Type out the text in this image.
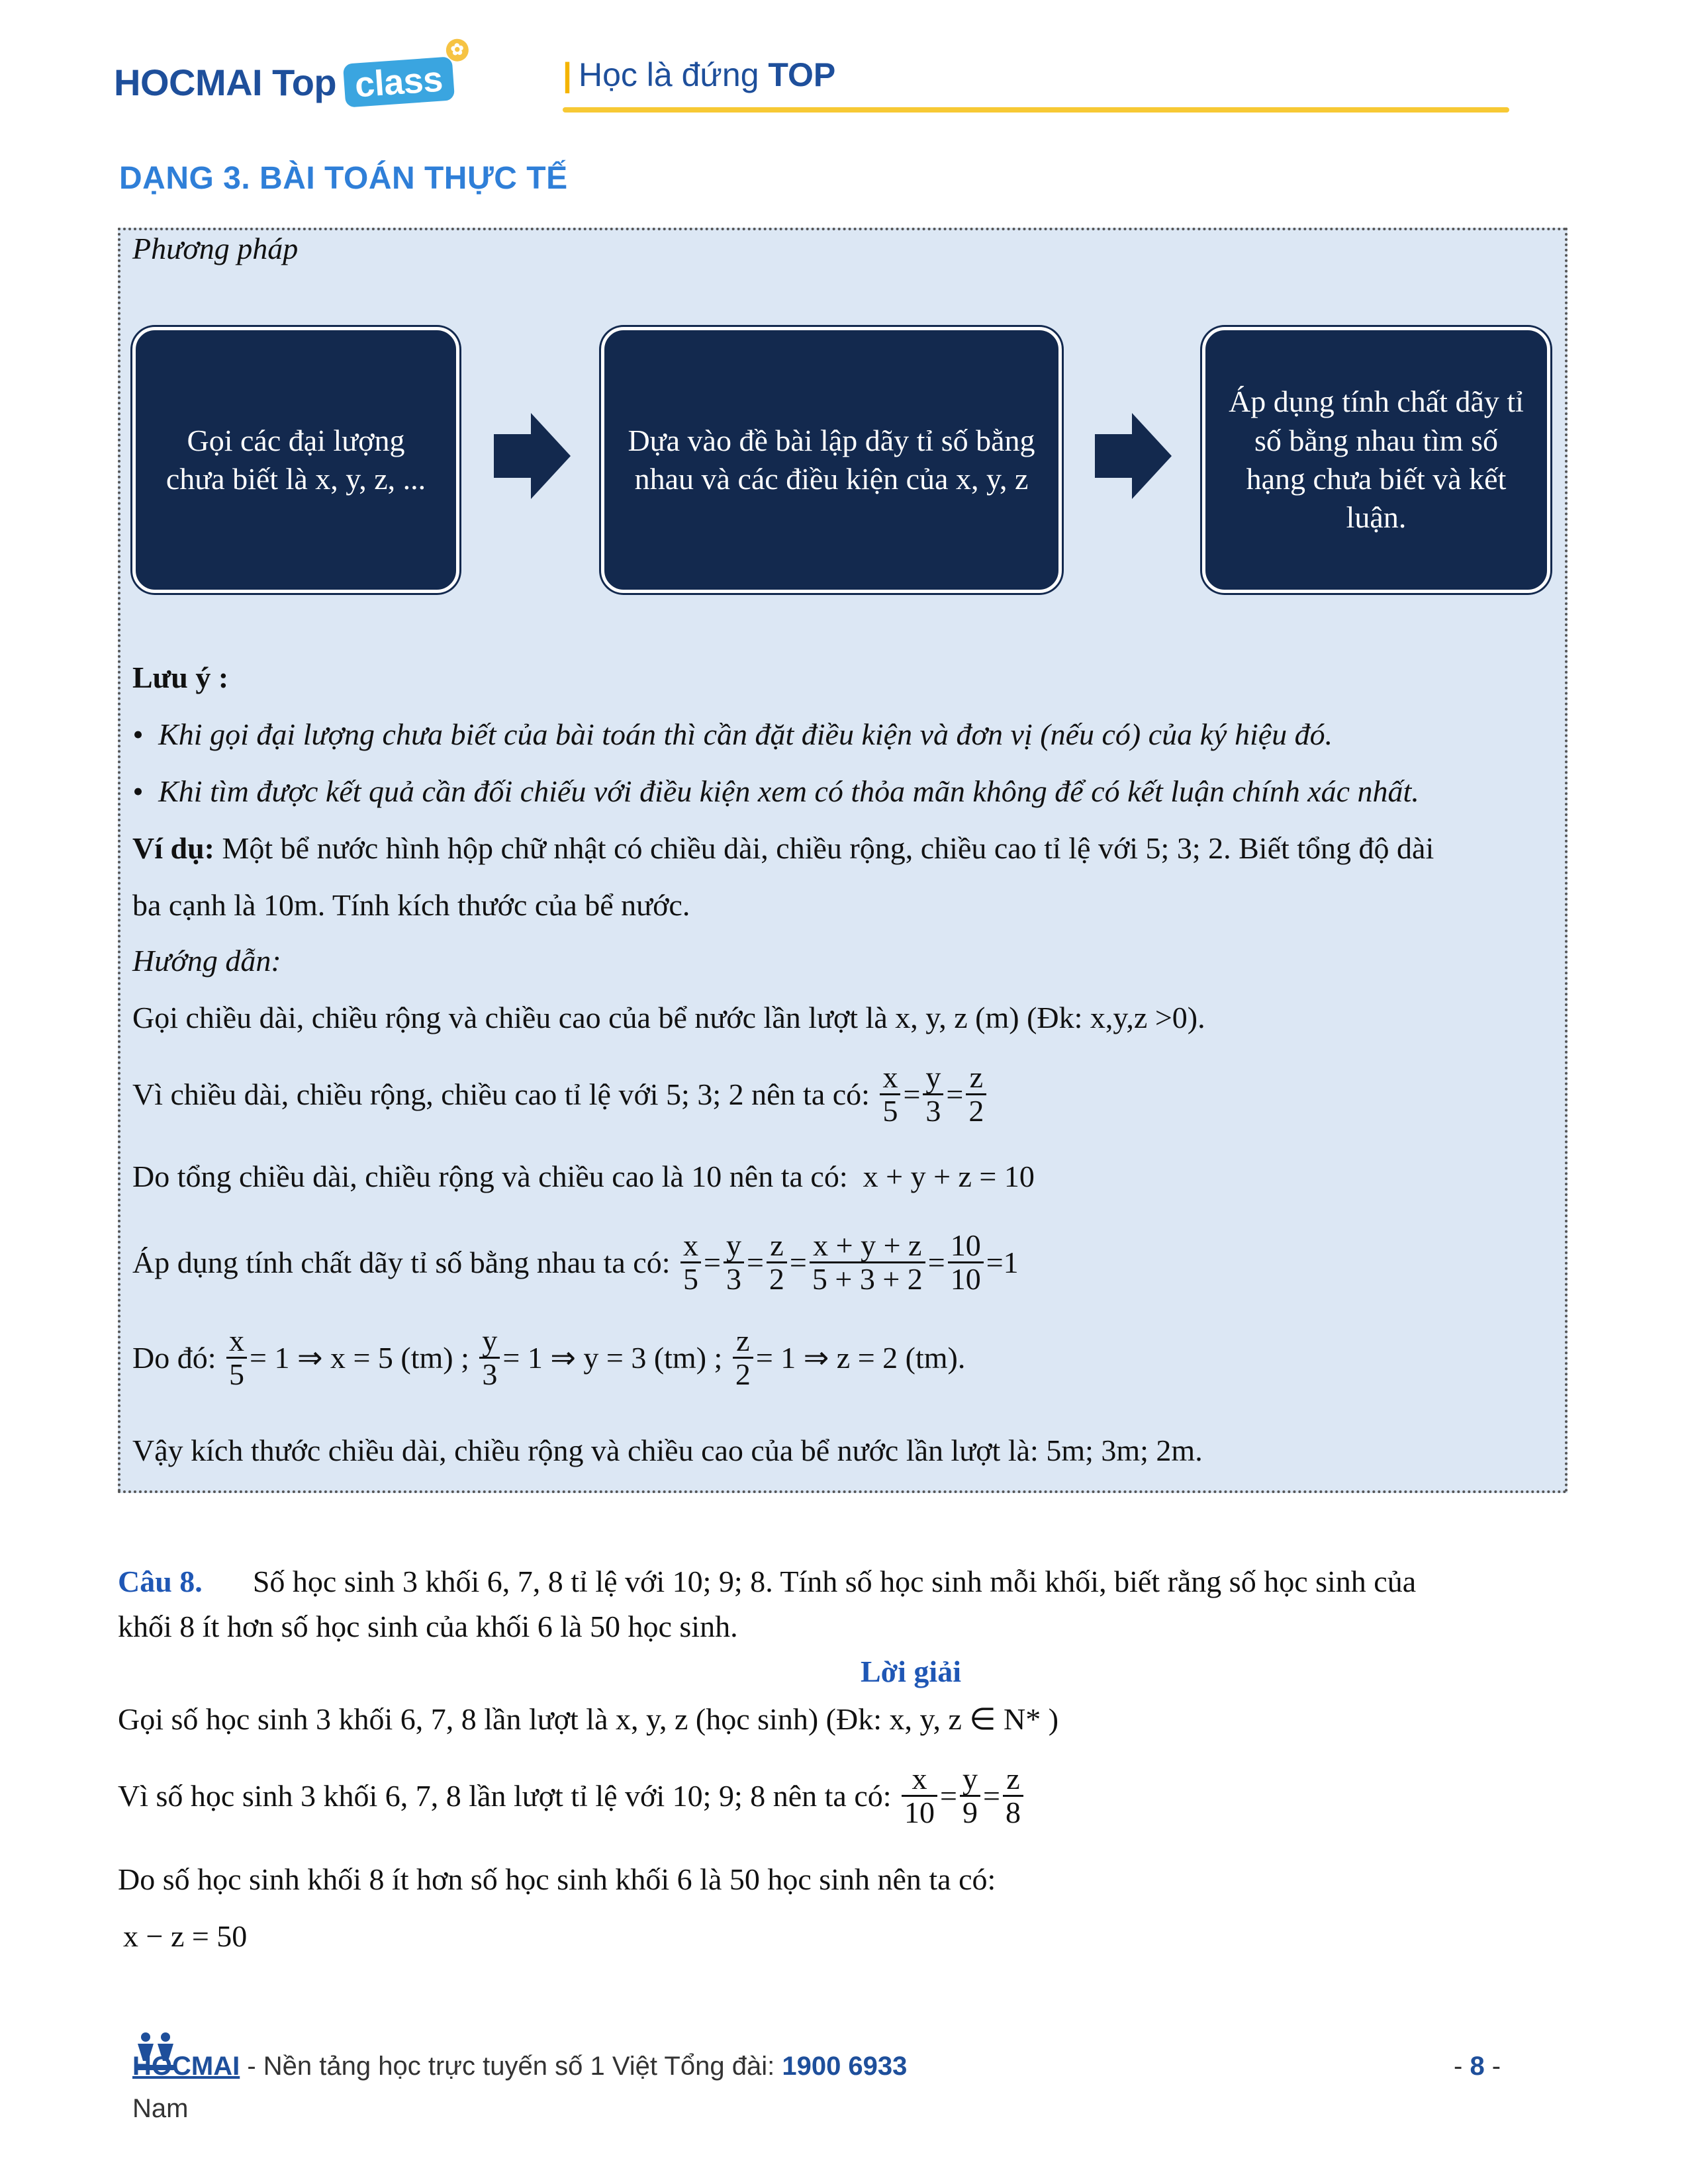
HOCMAI
Top class
✿
| Học là đứng TOP
DẠNG 3. BÀI TOÁN THỰC TẾ
Phương pháp
Gọi các đại lượng chưa biết là x, y, z, ...
Dựa vào đề bài lập dãy tỉ số bằng nhau và các điều kiện của x, y, z
Áp dụng tính chất dãy tỉ số bằng nhau tìm số hạng chưa biết và kết luận.
Lưu ý :
•  Khi gọi đại lượng chưa biết của bài toán thì cần đặt điều kiện và đơn vị (nếu có) của ký hiệu đó.
•  Khi tìm được kết quả cần đối chiếu với điều kiện xem có thỏa mãn không để có kết luận chính xác nhất.
Ví dụ: Một bể nước hình hộp chữ nhật có chiều dài, chiều rộng, chiều cao tỉ lệ với 5; 3; 2. Biết tổng độ dài
ba cạnh là 10m. Tính kích thước của bể nước.
Hướng dẫn:
Gọi chiều dài, chiều rộng và chiều cao của bể nước lần lượt là x, y, z (m) (Đk: x,y,z >0).
Vì chiều dài, chiều rộng, chiều cao tỉ lệ với 5; 3; 2 nên ta có:
$\frac{x}{5} = \frac{y}{3} = \frac{z}{2}$
Do tổng chiều dài, chiều rộng và chiều cao là 10 nên ta có: x + y + z = 10
Áp dụng tính chất dãy tỉ số bằng nhau ta có:
$\frac{x}{5} = \frac{y}{3} = \frac{z}{2} = \frac{x + y + z}{5 + 3 + 2} = \frac{10}{10} = 1$
Do đó:
$\frac{x}{5} = 1$ ⇒ x = 5 (tm) ;
$\frac{y}{3} = 1$ ⇒ y = 3 (tm) ;
$\frac{z}{2} = 1$ ⇒ z = 2 (tm).
Vậy kích thước chiều dài, chiều rộng và chiều cao của bể nước lần lượt là: 5m; 3m; 2m.
Câu 8. Số học sinh 3 khối 6, 7, 8 tỉ lệ với 10; 9; 8. Tính số học sinh mỗi khối, biết rằng số học sinh của
khối 8 ít hơn số học sinh của khối 6 là 50 học sinh.
Lời giải
Gọi số học sinh 3 khối 6, 7, 8 lần lượt là x, y, z (học sinh) (Đk: x, y, z ∈ N* )
Vì số học sinh 3 khối 6, 7, 8 lần lượt tỉ lệ với 10; 9; 8 nên ta có:
$\frac{x}{10} = \frac{y}{9} = \frac{z}{8}$
Do số học sinh khối 8 ít hơn số học sinh khối 6 là 50 học sinh nên ta có:
x − z = 50
HOCMAI - Nền tảng học trực tuyến số 1 Việt Tổng đài: 1900 6933	- 8 -
Nam
